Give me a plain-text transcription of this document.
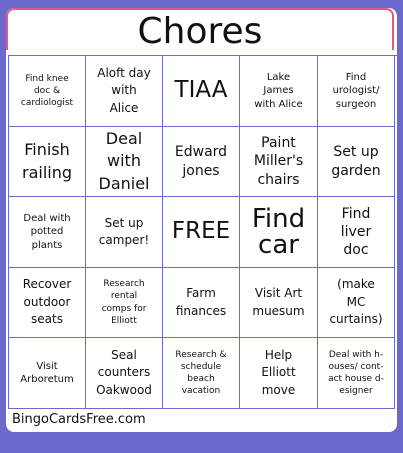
Chores
Find knee
doc &
cardiologist
Aloft day
with
Alice
TIAA
Lake
James
with Alice
Find
urologist/
surgeon
Finish
railing
Deal
with
Daniel
Edward
jones
Paint
Miller's
chairs
Set up
garden
Deal with
potted
plants
Set up
camper! FREE Find
car
Find
liver
doc
Recover
outdoor
seats
Research
rental
comps for
Elliott
Farm
finances
Visit Art
muesum
(make
MC
curtains)
Visit
Arboretum
Seal
counters
Oakwood
Research &
schedule
beach
vacation
Help
Elliott
move
Deal with h-
ouses/ cont-
act house d-
esigner
BingoCardsFree.com
